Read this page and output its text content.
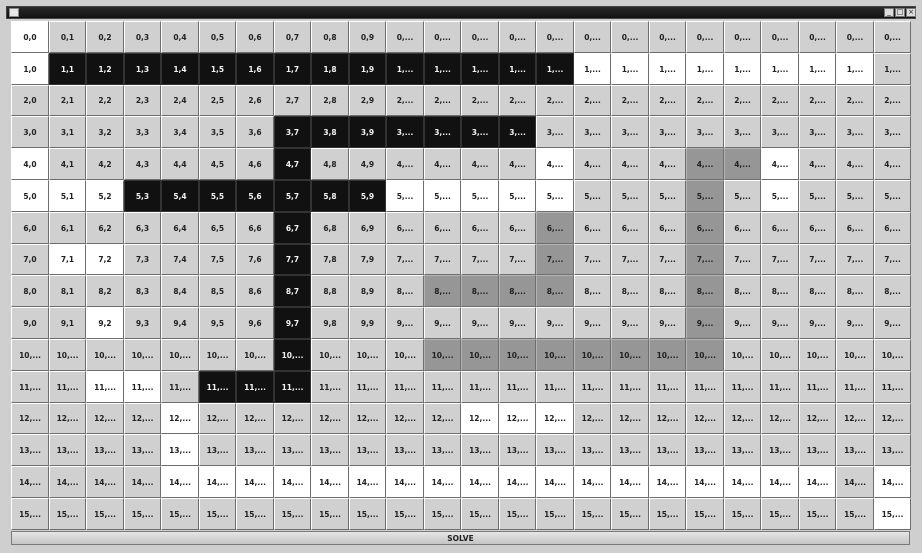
_ □ ×
0,0	0,1	0,2	0,3	0,4	0,5	0,6	0,7	0,8	0,9	0,...	0,...	0,...	0,...	0,...	0,...	0,...	0,...	0,...	0,...	0,...	0,...	0,...	0,...
1,0	1,1	1,2	1,3	1,4	1,5	1,6	1,7	1,8	1,9	1,...	1,...	1,...	1,...	1,...	1,...	1,...	1,...	1,...	1,...	1,...	1,...	1,...	1,...
2,0	2,1	2,2	2,3	2,4	2,5	2,6	2,7	2,8	2,9	2,...	2,...	2,...	2,...	2,...	2,...	2,...	2,...	2,...	2,...	2,...	2,...	2,...	2,...
3,0	3,1	3,2	3,3	3,4	3,5	3,6	3,7	3,8	3,9	3,...	3,...	3,...	3,...	3,...	3,...	3,...	3,...	3,...	3,...	3,...	3,...	3,...	3,...
4,0	4,1	4,2	4,3	4,4	4,5	4,6	4,7	4,8	4,9	4,...	4,...	4,...	4,...	4,...	4,...	4,...	4,...	4,...	4,...	4,...	4,...	4,...	4,...
5,0	5,1	5,2	5,3	5,4	5,5	5,6	5,7	5,8	5,9	5,...	5,...	5,...	5,...	5,...	5,...	5,...	5,...	5,...	5,...	5,...	5,...	5,...	5,...
6,0	6,1	6,2	6,3	6,4	6,5	6,6	6,7	6,8	6,9	6,...	6,...	6,...	6,...	6,...	6,...	6,...	6,...	6,...	6,...	6,...	6,...	6,...	6,...
7,0	7,1	7,2	7,3	7,4	7,5	7,6	7,7	7,8	7,9	7,...	7,...	7,...	7,...	7,...	7,...	7,...	7,...	7,...	7,...	7,...	7,...	7,...	7,...
8,0	8,1	8,2	8,3	8,4	8,5	8,6	8,7	8,8	8,9	8,...	8,...	8,...	8,...	8,...	8,...	8,...	8,...	8,...	8,...	8,...	8,...	8,...	8,...
9,0	9,1	9,2	9,3	9,4	9,5	9,6	9,7	9,8	9,9	9,...	9,...	9,...	9,...	9,...	9,...	9,...	9,...	9,...	9,...	9,...	9,...	9,...	9,...
10,...	10,...	10,...	10,...	10,...	10,...	10,...	10,...	10,...	10,...	10,...	10,...	10,...	10,...	10,...	10,...	10,...	10,...	10,...	10,...	10,...	10,...	10,...	10,...
11,...	11,...	11,...	11,...	11,...	11,...	11,...	11,...	11,...	11,...	11,...	11,...	11,...	11,...	11,...	11,...	11,...	11,...	11,...	11,...	11,...	11,...	11,...	11,...
12,...	12,...	12,...	12,...	12,...	12,...	12,...	12,...	12,...	12,...	12,...	12,...	12,...	12,...	12,...	12,...	12,...	12,...	12,...	12,...	12,...	12,...	12,...	12,...
13,...	13,...	13,...	13,...	13,...	13,...	13,...	13,...	13,...	13,...	13,...	13,...	13,...	13,...	13,...	13,...	13,...	13,...	13,...	13,...	13,...	13,...	13,...	13,...
14,...	14,...	14,...	14,...	14,...	14,...	14,...	14,...	14,...	14,...	14,...	14,...	14,...	14,...	14,...	14,...	14,...	14,...	14,...	14,...	14,...	14,...	14,...	14,...
15,...	15,...	15,...	15,...	15,...	15,...	15,...	15,...	15,...	15,...	15,...	15,...	15,...	15,...	15,...	15,...	15,...	15,...	15,...	15,...	15,...	15,...	15,...	15,...
SOLVE
